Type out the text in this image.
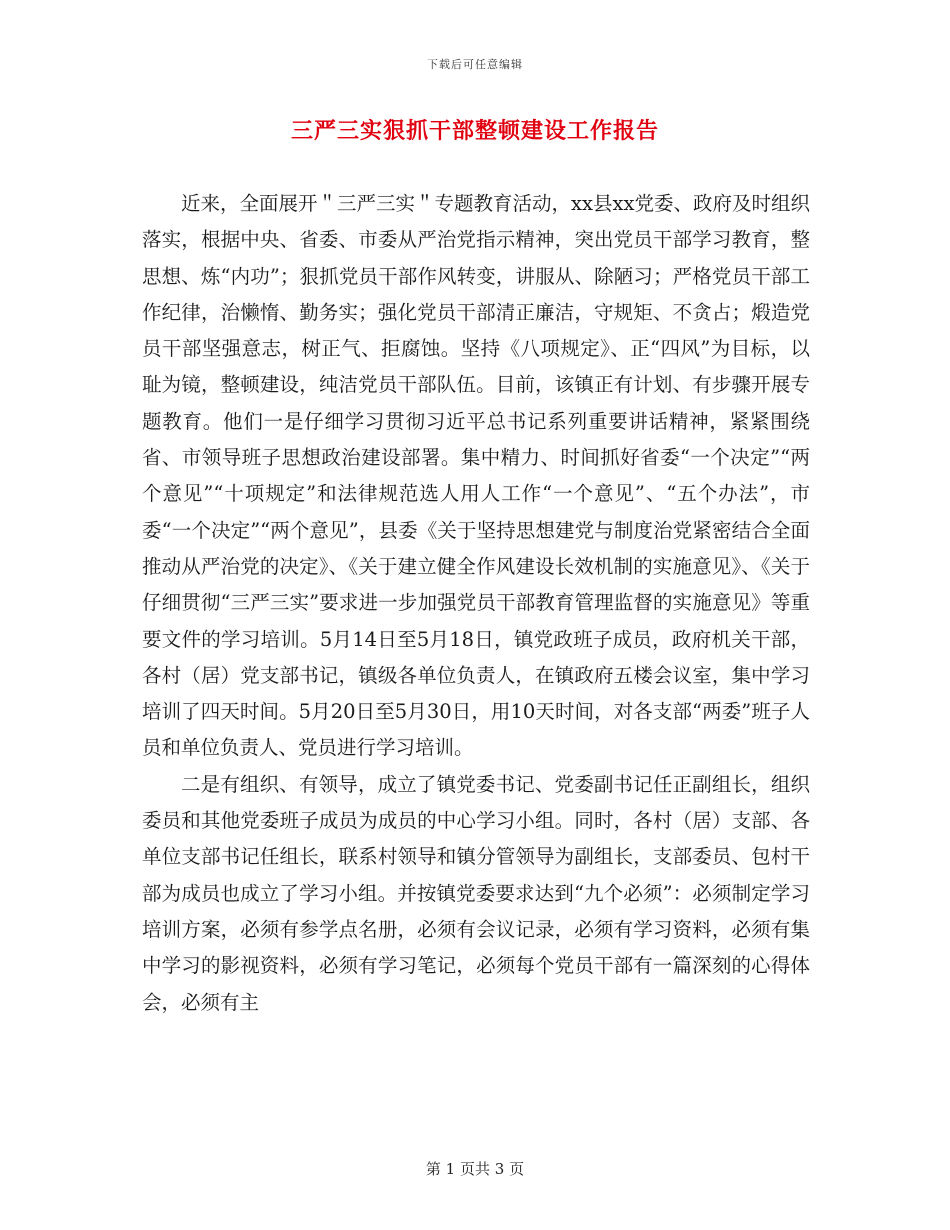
下载后可任意编辑
三严三实狠抓干部整顿建设工作报告

近来，全面展开＂三严三实＂专题教育活动，xx县xx党委、政府及时组织落实，根据中央、省委、市委从严治党指示精神，突出党员干部学习教育，整思想、炼“内功”；狠抓党员干部作风转变，讲服从、除陋习；严格党员干部工作纪律，治懒惰、勤务实；强化党员干部清正廉洁，守规矩、不贪占；煅造党员干部坚强意志，树正气、拒腐蚀。坚持《八项规定》、正“四风”为目标，以耻为镜，整顿建设，纯洁党员干部队伍。目前，该镇正有计划、有步骤开展专题教育。他们一是仔细学习贯彻习近平总书记系列重要讲话精神，紧紧围绕省、市领导班子思想政治建设部署。集中精力、时间抓好省委“一个决定”“两个意见”“十项规定”和法律规范选人用人工作“一个意见”、“五个办法”，市委“一个决定”“两个意见”，县委《关于坚持思想建党与制度治党紧密结合全面推动从严治党的决定》、《关于建立健全作风建设长效机制的实施意见》、《关于仔细贯彻“三严三实”要求进一步加强党员干部教育管理监督的实施意见》等重要文件的学习培训。5月14日至5月18日，镇党政班子成员，政府机关干部，各村（居）党支部书记，镇级各单位负责人，在镇政府五楼会议室，集中学习培训了四天时间。5月20日至5月30日，用10天时间，对各支部“两委”班子人员和单位负责人、党员进行学习培训。

二是有组织、有领导，成立了镇党委书记、党委副书记任正副组长，组织委员和其他党委班子成员为成员的中心学习小组。同时，各村（居）支部、各单位支部书记任组长，联系村领导和镇分管领导为副组长，支部委员、包村干部为成员也成立了学习小组。并按镇党委要求达到“九个必须”：必须制定学习培训方案，必须有参学点名册，必须有会议记录，必须有学习资料，必须有集中学习的影视资料，必须有学习笔记，必须每个党员干部有一篇深刻的心得体会，必须有主

第 1 页共 3 页
